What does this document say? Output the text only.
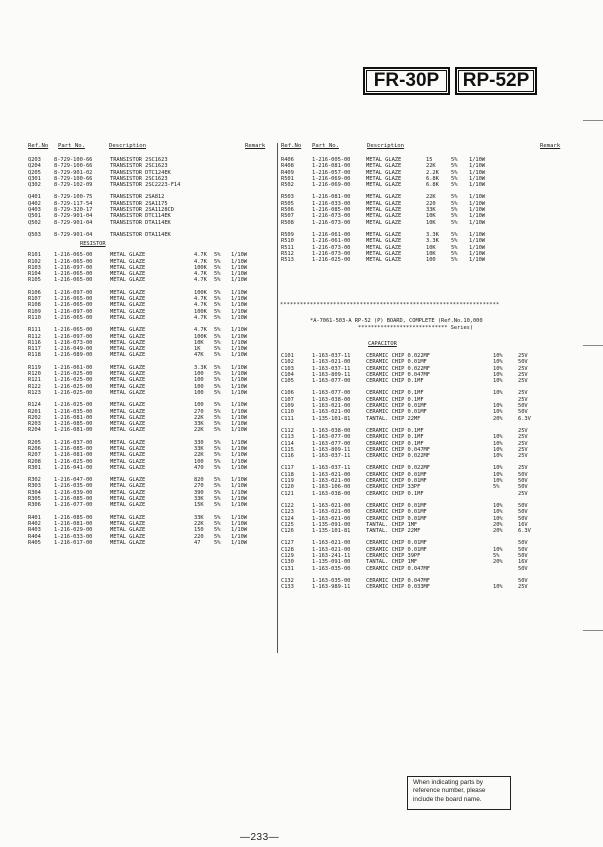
FR-30P	RP-52P
Ref.No Part No.	Description	Remark	Ref.No Part No.	Description	Remark
Q203 8-729-100-66	TRANSISTOR 2SC1623
Q204 8-729-100-66	TRANSISTOR 2SC1623
Q205 8-729-901-02	TRANSISTOR DTC124EK
Q301 8-729-100-66	TRANSISTOR 2SC1623
Q302 8-729-102-09	TRANSISTOR 2SC2223-F14
Q401 8-729-100-75	TRANSISTOR 2SA812
Q402 8-729-117-54	TRANSISTOR 2SA1175
Q403 8-729-320-17	TRANSISTOR 2SA1128CD
Q501 8-729-901-04	TRANSISTOR DTC114EK
Q502 8-729-901-04	TRANSISTOR DTA114EK
Q503 8-729-901-04	TRANSISTOR DTA114EK
RESISTOR
R101 1-216-065-00	METAL GLAZE	4.7K 5% 1/10W
R102 1-216-065-00	METAL GLAZE	4.7K 5% 1/10W
R103 1-216-097-00	METAL GLAZE	100K 5% 1/10W
R104 1-216-065-00	METAL GLAZE	4.7K 5% 1/10W
R105 1-216-065-00	METAL GLAZE	4.7K 5% 1/10W
R106 1-216-097-00	METAL GLAZE	100K 5% 1/10W
R107 1-216-065-00	METAL GLAZE	4.7K 5% 1/10W
R108 1-216-065-00	METAL GLAZE	4.7K 5% 1/10W
R109 1-216-097-00	METAL GLAZE	100K 5% 1/10W
R110 1-216-065-00	METAL GLAZE	4.7K 5% 1/10W
R111 1-216-065-00	METAL GLAZE	4.7K 5% 1/10W
R112 1-216-097-00	METAL GLAZE	100K 5% 1/10W
R116 1-216-073-00	METAL GLAZE	10K 5% 1/10W
R117 1-216-049-00	METAL GLAZE	1K	5% 1/10W
R118 1-216-089-00	METAL GLAZE	47K 5% 1/10W
R119 1-216-061-00	METAL GLAZE	3.3K 5% 1/10W
R120 1-216-025-00	METAL GLAZE	100 5% 1/10W
R121 1-216-025-00	METAL GLAZE	100 5% 1/10W
R122 1-216-025-00	METAL GLAZE	100 5% 1/10W
R123 1-216-025-00	METAL GLAZE	100 5% 1/10W
R124 1-216-025-00	METAL GLAZE	100 5% 1/10W
R201 1-216-035-00	METAL GLAZE	270 5% 1/10W
R202 1-216-081-00	METAL GLAZE	22K 5% 1/10W
R203 1-216-085-00	METAL GLAZE	33K 5% 1/10W
R204 1-216-081-00	METAL GLAZE	22K 5% 1/10W
R205 1-216-037-00	METAL GLAZE	330 5% 1/10W
R206 1-216-085-00	METAL GLAZE	33K 5% 1/10W
R207 1-216-081-00	METAL GLAZE	22K 5% 1/10W
R208 1-216-025-00	METAL GLAZE	100 5% 1/10W
R301 1-216-041-00	METAL GLAZE	470 5% 1/10W
R302 1-216-047-00	METAL GLAZE	820 5% 1/10W
R303 1-216-035-00	METAL GLAZE	270 5% 1/10W
R304 1-216-039-00	METAL GLAZE	390 5% 1/10W
R305 1-216-085-00	METAL GLAZE	33K 5% 1/10W
R306 1-216-077-00	METAL GLAZE	15K 5% 1/10W
R401 1-216-085-00	METAL GLAZE	33K 5% 1/10W
R402 1-216-081-00	METAL GLAZE	22K 5% 1/10W
R403 1-216-029-00	METAL GLAZE	150 5% 1/10W
R404 1-216-033-00	METAL GLAZE	220 5% 1/10W
R405 1-216-017-00	METAL GLAZE	47	5% 1/10W
R406	1-216-005-00	METAL GLAZE	15	5% 1/10W
R408	1-216-081-00	METAL GLAZE	22K	5% 1/10W
R409	1-216-057-00	METAL GLAZE	2.2K 5% 1/10W
R501	1-216-069-00	METAL GLAZE	6.8K 5% 1/10W
R502	1-216-069-00	METAL GLAZE	6.8K 5% 1/10W
R503	1-216-081-00	METAL GLAZE	22K	5% 1/10W
R505	1-216-033-00	METAL GLAZE	220	5% 1/10W
R506	1-216-085-00	METAL GLAZE	33K	5% 1/10W
R507	1-216-073-00	METAL GLAZE	10K	5% 1/10W
R508	1-216-073-00	METAL GLAZE	10K	5% 1/10W
R509	1-216-061-00	METAL GLAZE	3.3K 5% 1/10W
R510	1-216-061-00	METAL GLAZE	3.3K 5% 1/10W
R511	1-216-073-00	METAL GLAZE	10K	5% 1/10W
R512	1-216-073-00	METAL GLAZE	10K	5% 1/10W
R513	1-216-025-00	METAL GLAZE	100	5% 1/10W
******************************************************************
*A-7061-503-A RP-52 (P) BOARD, COMPLETE (Ref.No.10,000
**************************** Series)
CAPACITOR
C101	1-163-037-11	CERAMIC CHIP 0.022MF	10%	25V
C102	1-163-021-00	CERAMIC CHIP 0.01MF	10%	50V
C103	1-163-037-11	CERAMIC CHIP 0.022MF	10%	25V
C104	1-163-809-11	CERAMIC CHIP 0.047MF	10%	25V
C105	1-163-077-00	CERAMIC CHIP 0.1MF	10%	25V
C106	1-163-077-00	CERAMIC CHIP 0.1MF	10%	25V
C107	1-163-038-00	CERAMIC CHIP 0.1MF	25V
C109	1-163-021-00	CERAMIC CHIP 0.01MF	10%	50V
C110	1-163-021-00	CERAMIC CHIP 0.01MF	10%	50V
C111	1-135-101-81	TANTAL. CHIP 22MF	20%	6.3V
C112	1-163-038-00	CERAMIC CHIP 0.1MF	25V
C113	1-163-077-00	CERAMIC CHIP 0.1MF	10%	25V
C114	1-163-077-00	CERAMIC CHIP 0.1MF	10%	25V
C115	1-163-809-11	CERAMIC CHIP 0.047MF	10%	25V
C116	1-163-037-11	CERAMIC CHIP 0.022MF	10%	25V
C117	1-163-037-11	CERAMIC CHIP 0.022MF	10%	25V
C118	1-163-021-00	CERAMIC CHIP 0.01MF	10%	50V
C119	1-163-021-00	CERAMIC CHIP 0.01MF	10%	50V
C120	1-163-106-00	CERAMIC CHIP 33PF	5%	50V
C121	1-163-038-00	CERAMIC CHIP 0.1MF	25V
C122	1-163-021-00	CERAMIC CHIP 0.01MF	10%	50V
C123	1-163-021-00	CERAMIC CHIP 0.01MF	10%	50V
C124	1-163-021-00	CERAMIC CHIP 0.01MF	10%	50V
C125	1-135-091-00	TANTAL. CHIP 1MF	20%	16V
C126	1-135-101-81	TANTAL. CHIP 22MF	20%	6.3V
C127	1-163-021-00	CERAMIC CHIP 0.01MF	50V
C128	1-163-021-00	CERAMIC CHIP 0.01MF	10%	50V
C129	1-163-241-11	CERAMIC CHIP 39PF	5%	50V
C130	1-135-091-00	TANTAL. CHIP 1MF	20%	16V
C131	1-163-035-00	CERAMIC CHIP 0.047MF	50V
C132	1-163-035-00	CERAMIC CHIP 0.047MF	50V
C133	1-163-989-11	CERAMIC CHIP 0.033MF	10%	25V
When indicating parts by reference number, please include the board name.
—233—
